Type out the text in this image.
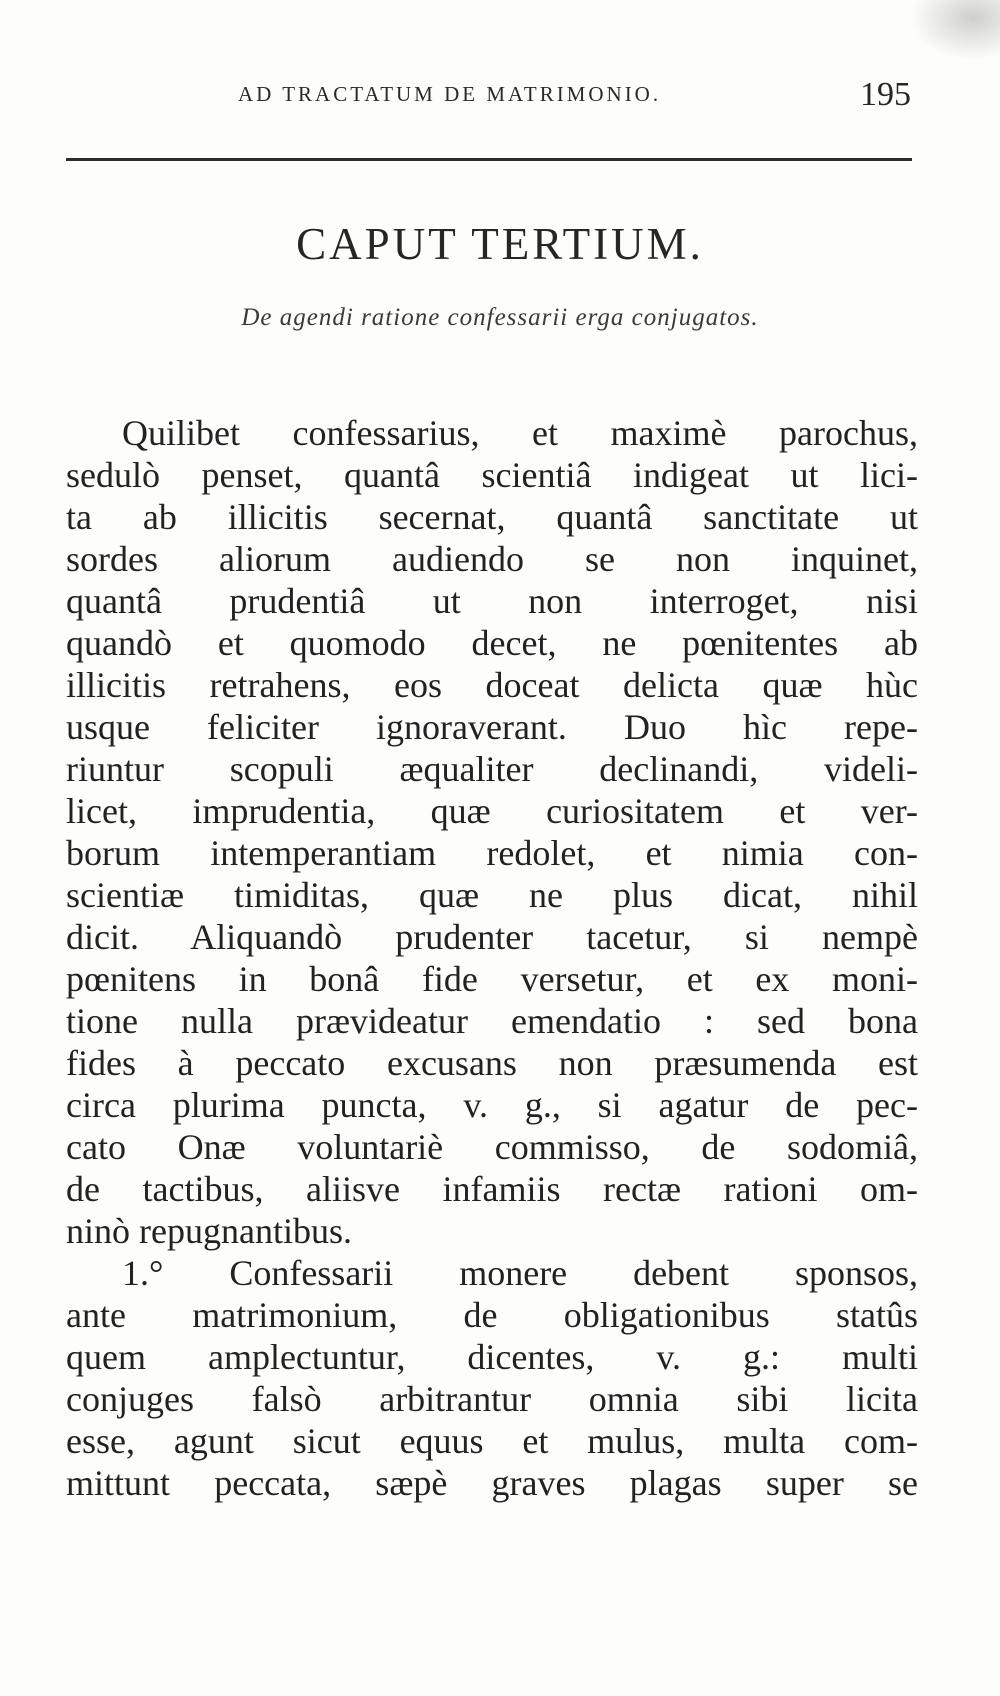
AD TRACTATUM DE MATRIMONIO.	195
CAPUT TERTIUM.
De agendi ratione confessarii erga conjugatos.
Quilibet confessarius, et maximè parochus,
sedulò penset, quantâ scientiâ indigeat ut lici-
ta ab illicitis secernat, quantâ sanctitate ut
sordes aliorum audiendo se non inquinet,
quantâ prudentiâ ut non interroget, nisi
quandò et quomodo decet, ne pœnitentes ab
illicitis retrahens, eos doceat delicta quæ hùc
usque feliciter ignoraverant. Duo hìc repe-
riuntur scopuli æqualiter declinandi, videli-
licet, imprudentia, quæ curiositatem et ver-
borum intemperantiam redolet, et nimia con-
scientiæ timiditas, quæ ne plus dicat, nihil
dicit. Aliquandò prudenter tacetur, si nempè
pœnitens in bonâ fide versetur, et ex moni-
tione nulla prævideatur emendatio : sed bona
fides à peccato excusans non præsumenda est
circa plurima puncta, v. g., si agatur de pec-
cato Onæ voluntariè commisso, de sodomiâ,
de tactibus, aliisve infamiis rectæ rationi om-
ninò repugnantibus.
1.° Confessarii monere debent sponsos,
ante matrimonium, de obligationibus statûs
quem amplectuntur, dicentes, v. g.: multi
conjuges falsò arbitrantur omnia sibi licita
esse, agunt sicut equus et mulus, multa com-
mittunt peccata, sæpè graves plagas super se
